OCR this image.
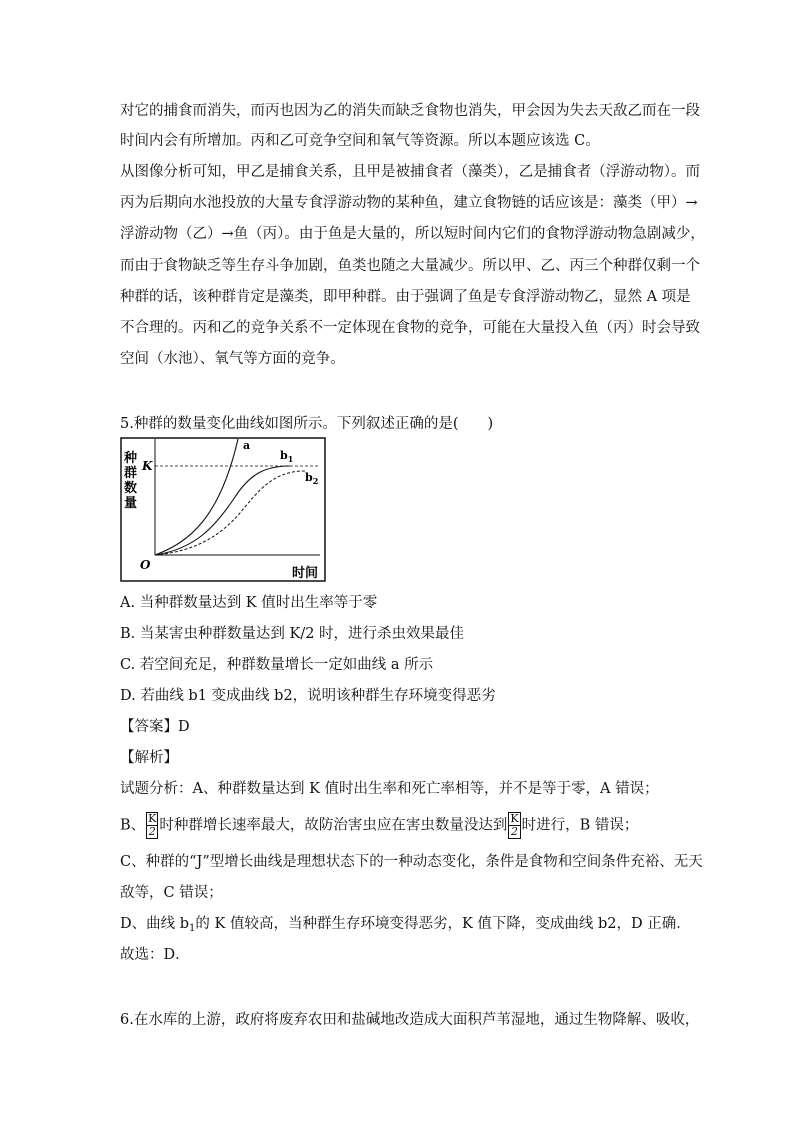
对它的捕食而消失，而丙也因为乙的消失而缺乏食物也消失，甲会因为失去天敌乙而在一段
时间内会有所增加。丙和乙可竞争空间和氧气等资源。所以本题应该选 C。
从图像分析可知，甲乙是捕食关系，且甲是被捕食者（藻类），乙是捕食者（浮游动物）。而
丙为后期向水池投放的大量专食浮游动物的某种鱼，建立食物链的话应该是：藻类（甲）→
浮游动物（乙）→鱼（丙）。由于鱼是大量的，所以短时间内它们的食物浮游动物急剧减少，
而由于食物缺乏等生存斗争加剧，鱼类也随之大量减少。所以甲、乙、丙三个种群仅剩一个
种群的话，该种群肯定是藻类，即甲种群。由于强调了鱼是专食浮游动物乙，显然 A 项是
不合理的。丙和乙的竞争关系不一定体现在食物的竞争，可能在大量投入鱼（丙）时会导致
空间（水池）、氧气等方面的竞争。
5.种群的数量变化曲线如图所示。下列叙述正确的是(　　)
种
群
数
量
K
O
时间
a
$b_1$
$b_2$
A. 当种群数量达到 K 值时出生率等于零
B. 当某害虫种群数量达到 K/2 时，进行杀虫效果最佳
C. 若空间充足，种群数量增长一定如曲线 a 所示
D. 若曲线 b1 变成曲线 b2，说明该种群生存环境变得恶劣
【答案】D
【解析】
试题分析：A、种群数量达到 K 值时出生率和死亡率相等，并不是等于零，A 错误；
B、 $\frac{K}{2}$ 时种群增长速率最大，故防治害虫应在害虫数量没达到 $\frac{K}{2}$ 时进行，B 错误；
C、种群的“J”型增长曲线是理想状态下的一种动态变化，条件是食物和空间条件充裕、无天
敌等，C 错误；
D、曲线 $b_1$的 K 值较高，当种群生存环境变得恶劣，K 值下降，变成曲线 b2，D 正确．
故选：D．
6.在水库的上游，政府将废弃农田和盐碱地改造成大面积芦苇湿地，通过生物降解、吸收，
